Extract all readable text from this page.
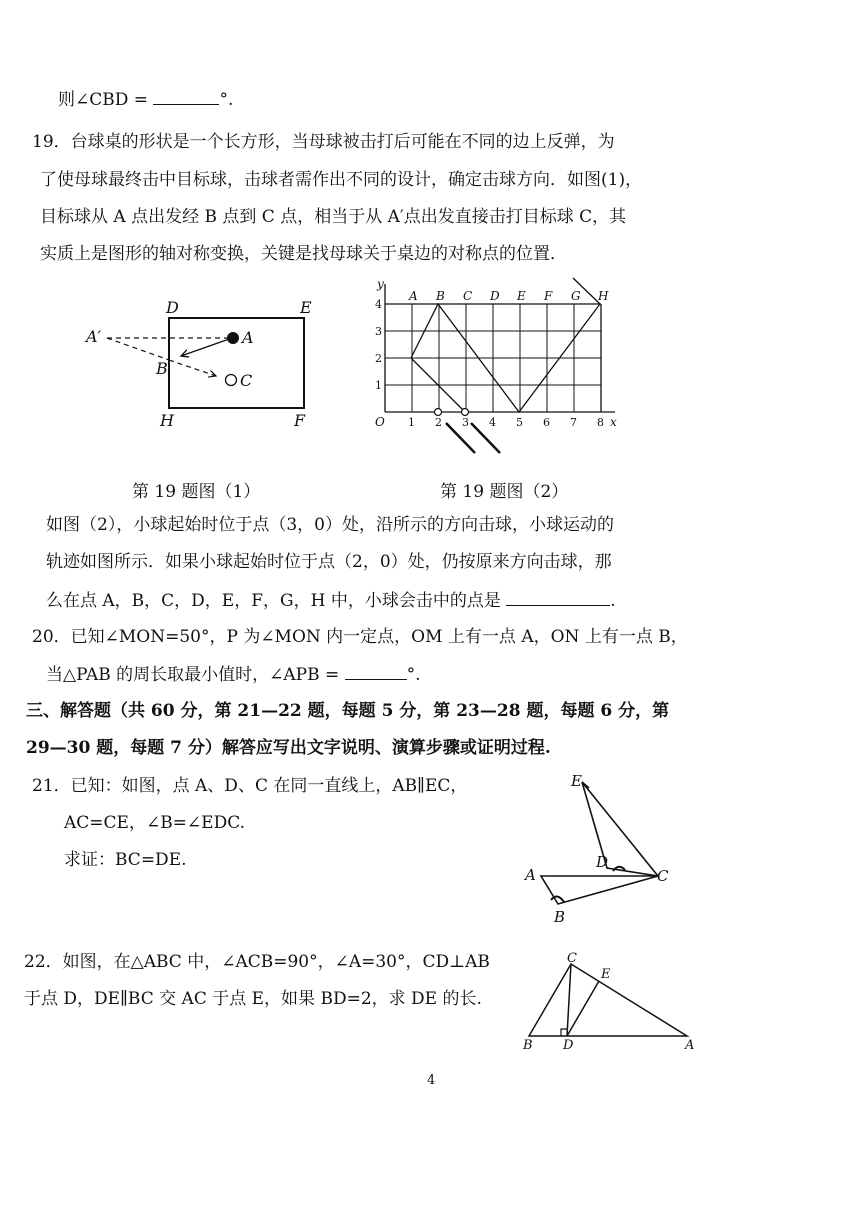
则∠CBD =	°.
19．台球桌的形状是一个长方形，当母球被击打后可能在不同的边上反弹，为
了使母球最终击中目标球，击球者需作出不同的设计，确定击球方向．如图(1)，
目标球从 A 点出发经 B 点到 C 点，相当于从 A′点出发直接击打目标球 C，其
实质上是图形的轴对称变换，关键是找母球关于桌边的对称点的位置．
D	E
H	F
A
A′
B
C
y
x
O
A B C D E F G H
1 2 3 4 5 6 7 8
1
2
3
4
第 19 题图（1）	第 19 题图（2）
如图（2），小球起始时位于点（3，0）处，沿所示的方向击球，小球运动的
轨迹如图所示．如果小球起始时位于点（2，0）处，仍按原来方向击球，那
么在点 A，B，C，D，E，F，G，H 中，小球会击中的点是	.
20．已知∠MON=50°，P 为∠MON 内一定点，OM 上有一点 A，ON 上有一点 B，
当△PAB 的周长取最小值时，∠APB =	°.
三、解答题（共 60 分，第 21—22 题，每题 5 分，第 23—28 题，每题 6 分，第
29—30 题，每题 7 分）解答应写出文字说明、演算步骤或证明过程.
21．已知：如图，点 A、D、C 在同一直线上，AB∥EC，
AC=CE，∠B=∠EDC.
求证：BC=DE.
E
A
D
C
B
22．如图，在△ABC 中，∠ACB=90°，∠A=30°，CD⊥AB
于点 D，DE∥BC 交 AC 于点 E，如果 BD=2，求 DE 的长.
C
E
B D	A
4
